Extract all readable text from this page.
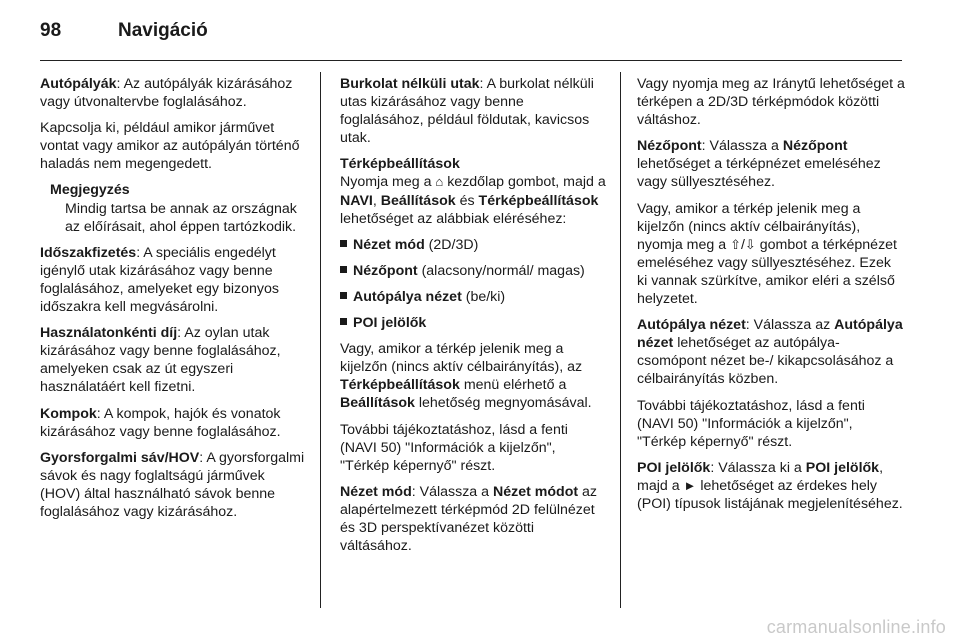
98	Navigáció

Autópályák: Az autópályák kizárásához vagy útvonaltervbe foglalásához.

Kapcsolja ki, például amikor járművet vontat vagy amikor az autópályán történő haladás nem megengedett.

Megjegyzés
Mindig tartsa be annak az országnak az előírásait, ahol éppen tartózkodik.

Időszakfizetés: A speciális engedélyt igénylő utak kizárásához vagy benne foglalásához, amelyeket egy bizonyos időszakra kell megvásárolni.

Használatonkénti díj: Az oylan utak kizárásához vagy benne foglalásához, amelyeken csak az út egyszeri használatáért kell fizetni.

Kompok: A kompok, hajók és vonatok kizárásához vagy benne foglalásához.

Gyorsforgalmi sáv/HOV: A gyorsforgalmi sávok és nagy foglaltságú járművek (HOV) által használható sávok benne foglalásához vagy kizárásához.

Burkolat nélküli utak: A burkolat nélküli utas kizárásához vagy benne foglalásához, például földutak, kavicsos utak.

Térképbeállítások

Nyomja meg a ⌂ kezdőlap gombot, majd a NAVI, Beállítások és Térképbeállítások lehetőséget az alábbiak eléréséhez:

Nézet mód (2D/3D)
Nézőpont (alacsony/normál/ magas)
Autópálya nézet (be/ki)
POI jelölők

Vagy, amikor a térkép jelenik meg a kijelzőn (nincs aktív célbairányítás), az Térképbeállítások menü elérhető a Beállítások lehetőség megnyomásával.

További tájékoztatáshoz, lásd a fenti (NAVI 50) "Információk a kijelzőn", "Térkép képernyő" részt.

Nézet mód: Válassza a Nézet módot az alapértelmezett térképmód 2D felülnézet és 3D perspektívanézet közötti váltásához.

Vagy nyomja meg az Iránytű lehetőséget a térképen a 2D/3D térképmódok közötti váltáshoz.

Nézőpont: Válassza a Nézőpont lehetőséget a térképnézet emeléséhez vagy süllyesztéséhez.

Vagy, amikor a térkép jelenik meg a kijelzőn (nincs aktív célbairányítás), nyomja meg a ⇧/⇩ gombot a térképnézet emeléséhez vagy süllyesztéséhez. Ezek ki vannak szürkítve, amikor eléri a szélső helyzetet.

Autópálya nézet: Válassza az Autópálya nézet lehetőséget az autópálya-csomópont nézet be-/ kikapcsolásához a célbairányítás közben.

További tájékoztatáshoz, lásd a fenti (NAVI 50) "Információk a kijelzőn", "Térkép képernyő" részt.

POI jelölők: Válassza ki a POI jelölők, majd a ► lehetőséget az érdekes hely (POI) típusok listájának megjelenítéséhez.

carmanualsonline.info
